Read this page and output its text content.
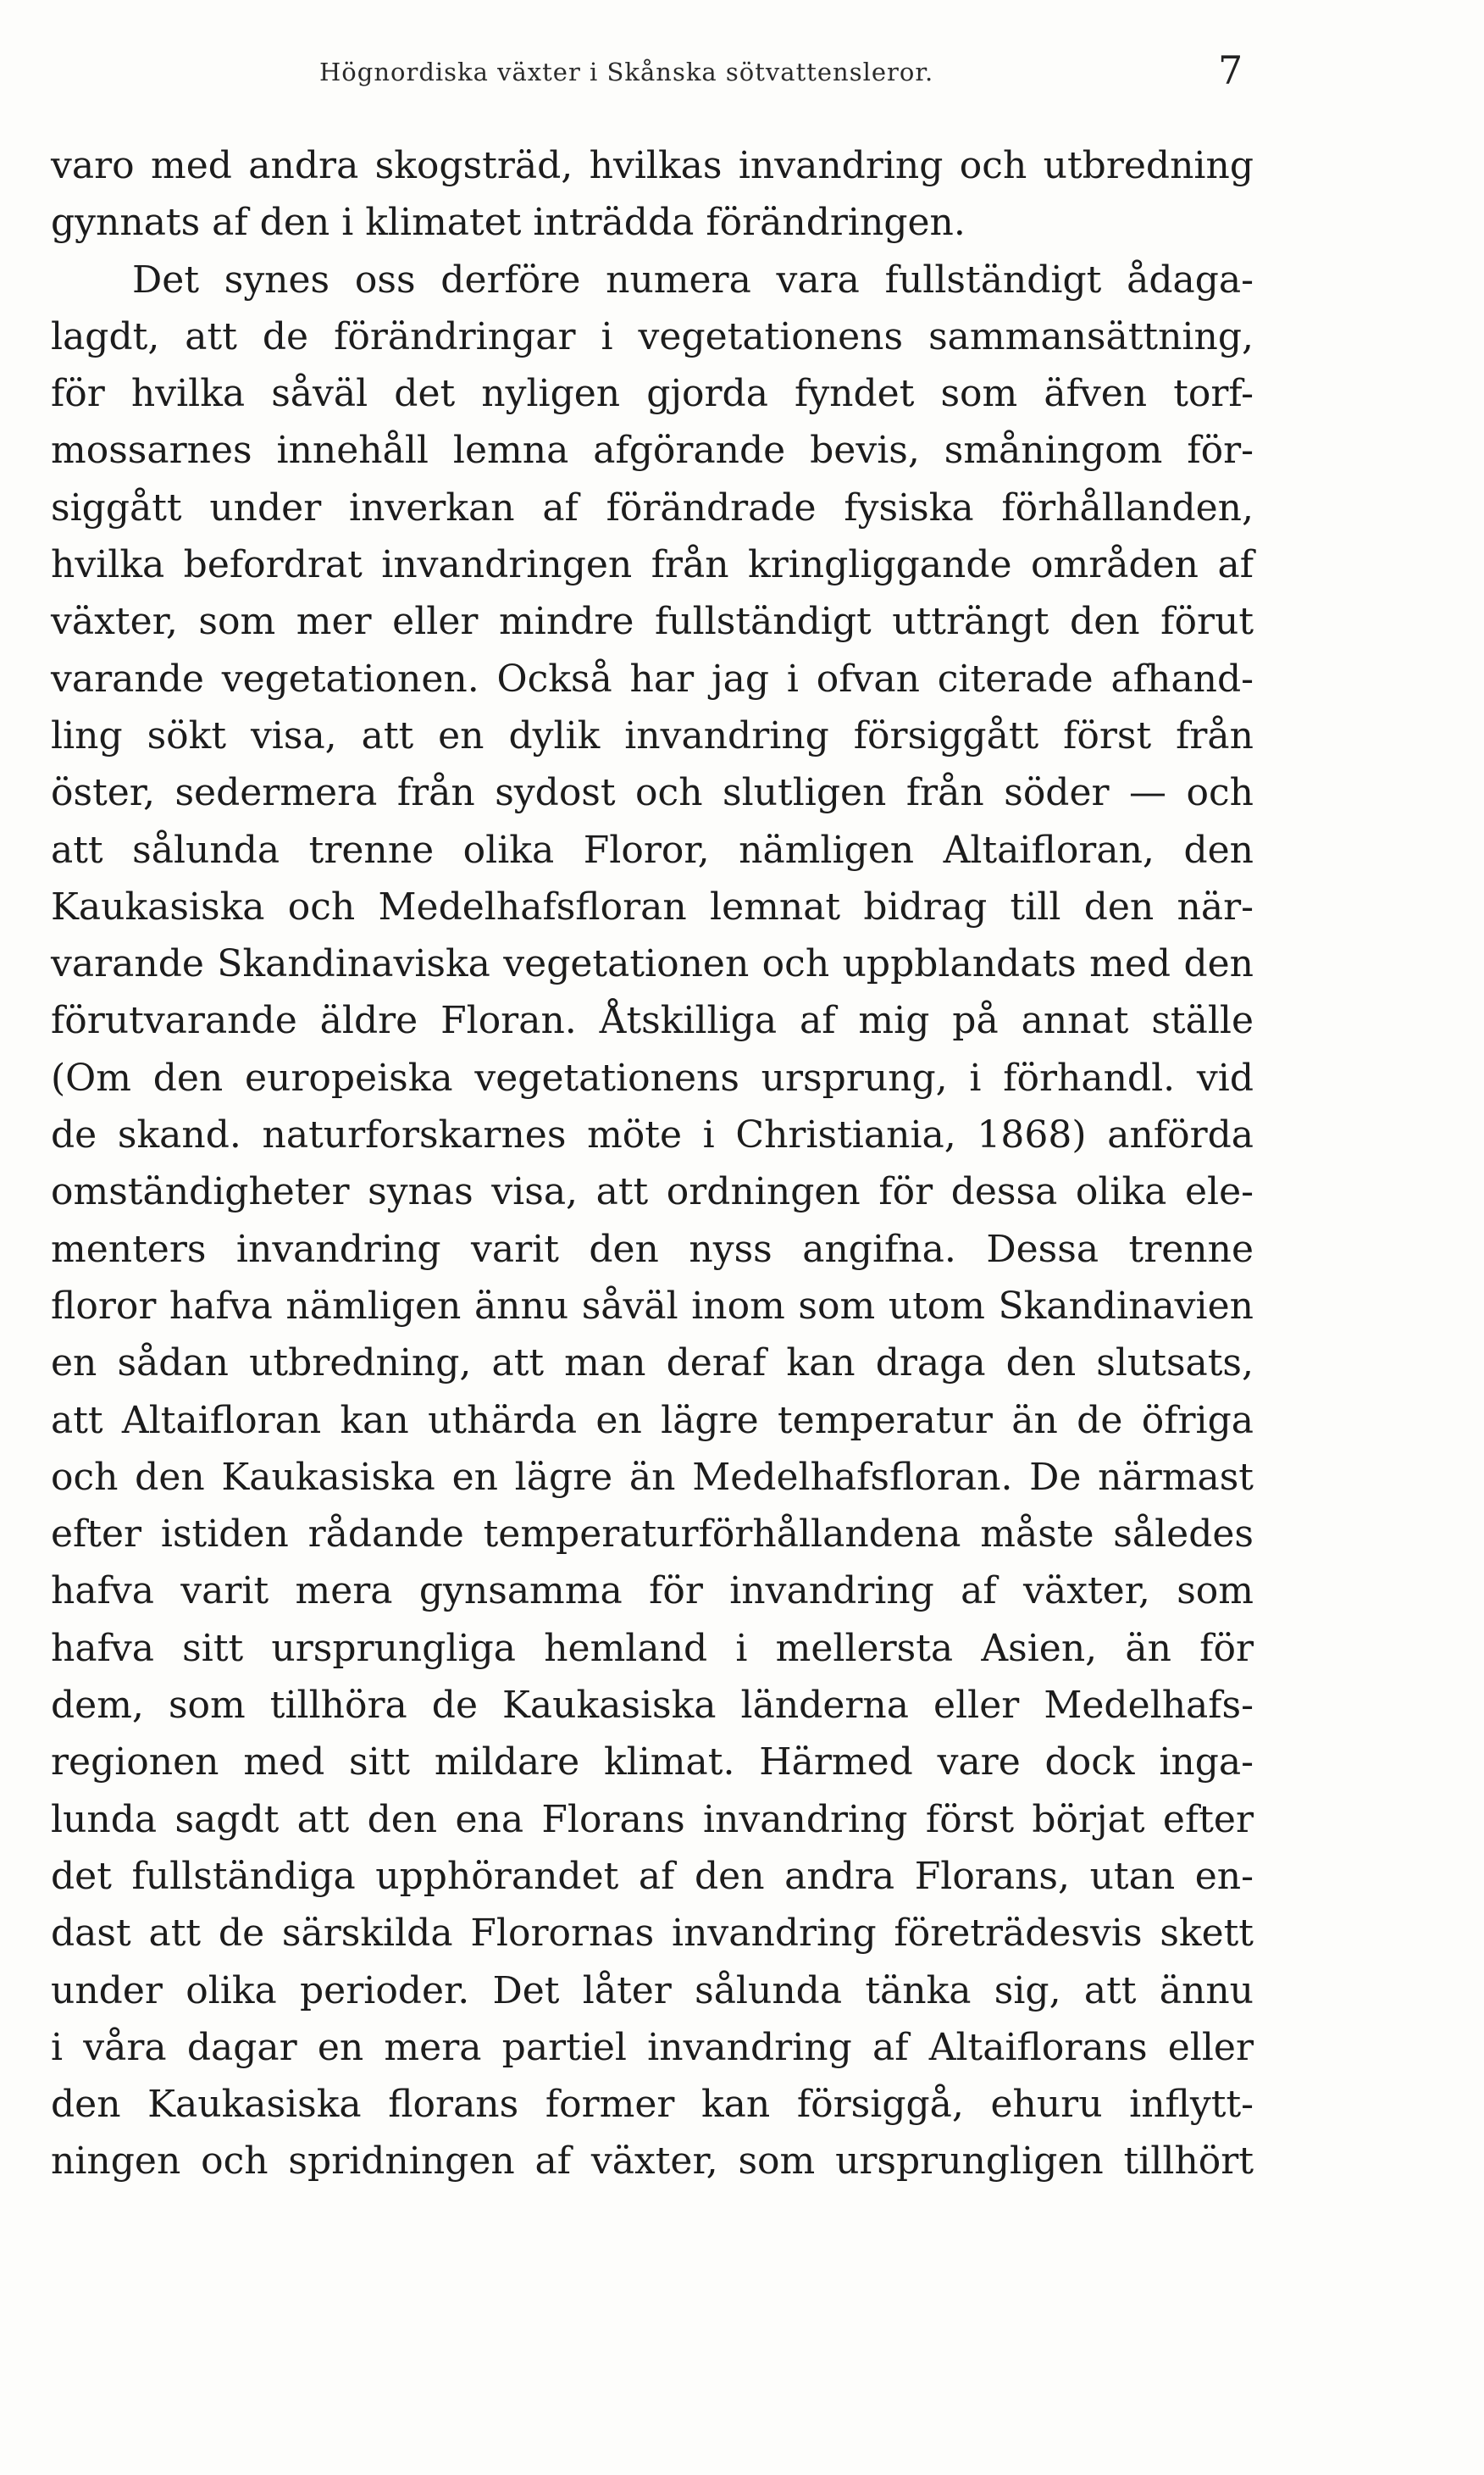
Högnordiska växter i Skånska sötvattensleror.	7
varo med andra skogsträd, hvilkas invandring och utbredning
gynnats af den i klimatet inträdda förändringen.
Det synes oss derföre numera vara fullständigt ådaga-
lagdt, att de förändringar i vegetationens sammansättning,
för hvilka såväl det nyligen gjorda fyndet som äfven torf-
mossarnes innehåll lemna afgörande bevis, småningom för-
siggått under inverkan af förändrade fysiska förhållanden,
hvilka befordrat invandringen från kringliggande områden af
växter, som mer eller mindre fullständigt utträngt den förut
varande vegetationen. Också har jag i ofvan citerade afhand-
ling sökt visa, att en dylik invandring försiggått först från
öster, sedermera från sydost och slutligen från söder — och
att sålunda trenne olika Floror, nämligen Altaifloran, den
Kaukasiska och Medelhafsfloran lemnat bidrag till den när-
varande Skandinaviska vegetationen och uppblandats med den
förutvarande äldre Floran. Åtskilliga af mig på annat ställe
(Om den europeiska vegetationens ursprung, i förhandl. vid
de skand. naturforskarnes möte i Christiania, 1868) anförda
omständigheter synas visa, att ordningen för dessa olika ele-
menters invandring varit den nyss angifna. Dessa trenne
floror hafva nämligen ännu såväl inom som utom Skandinavien
en sådan utbredning, att man deraf kan draga den slutsats,
att Altaifloran kan uthärda en lägre temperatur än de öfriga
och den Kaukasiska en lägre än Medelhafsfloran. De närmast
efter istiden rådande temperaturförhållandena måste således
hafva varit mera gynsamma för invandring af växter, som
hafva sitt ursprungliga hemland i mellersta Asien, än för
dem, som tillhöra de Kaukasiska länderna eller Medelhafs-
regionen med sitt mildare klimat. Härmed vare dock inga-
lunda sagdt att den ena Florans invandring först börjat efter
det fullständiga upphörandet af den andra Florans, utan en-
dast att de särskilda Florornas invandring företrädesvis skett
under olika perioder. Det låter sålunda tänka sig, att ännu
i våra dagar en mera partiel invandring af Altaiflorans eller
den Kaukasiska florans former kan försiggå, ehuru inflytt-
ningen och spridningen af växter, som ursprungligen tillhört
